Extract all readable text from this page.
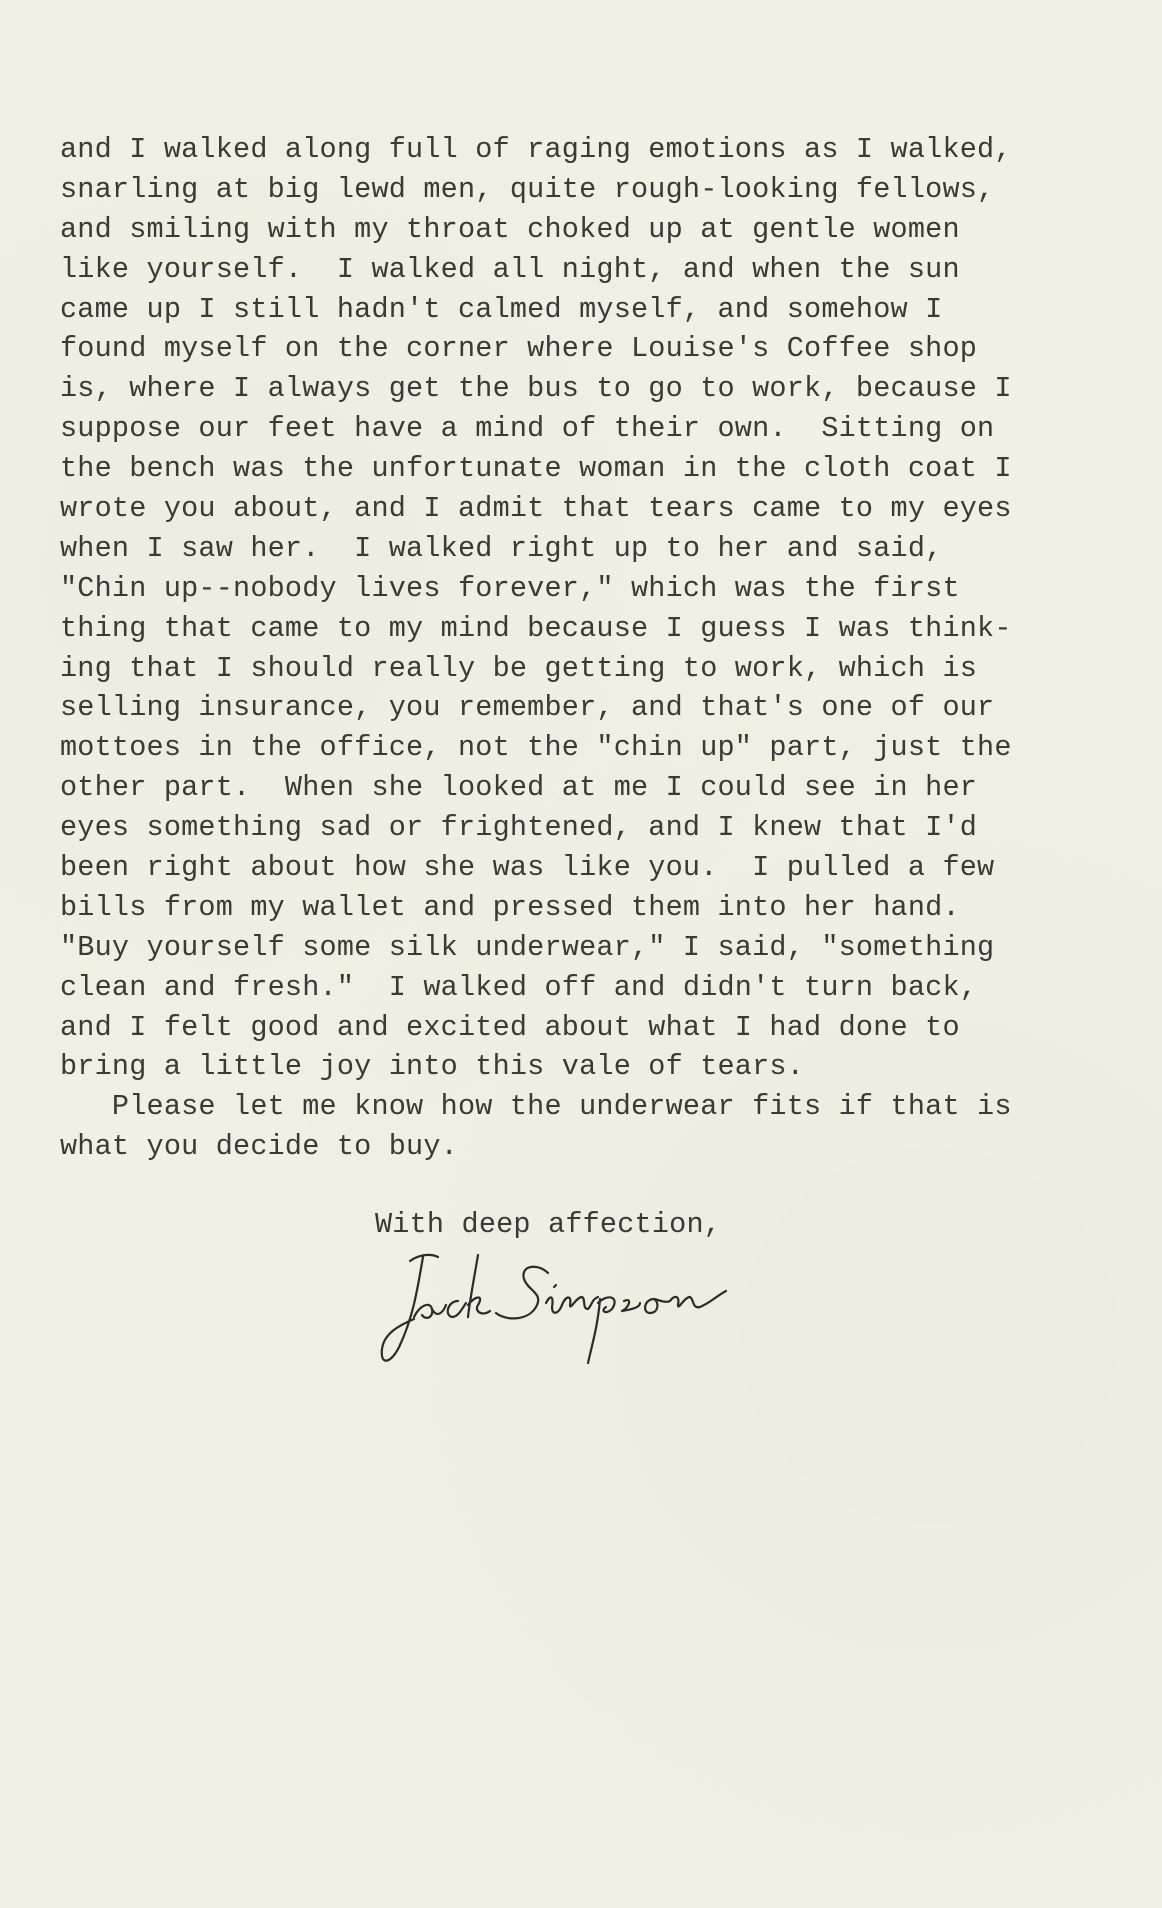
and I walked along full of raging emotions as I walked,
snarling at big lewd men, quite rough-looking fellows,
and smiling with my throat choked up at gentle women
like yourself.  I walked all night, and when the sun
came up I still hadn't calmed myself, and somehow I
found myself on the corner where Louise's Coffee shop
is, where I always get the bus to go to work, because I
suppose our feet have a mind of their own.  Sitting on
the bench was the unfortunate woman in the cloth coat I
wrote you about, and I admit that tears came to my eyes
when I saw her.  I walked right up to her and said,
"Chin up--nobody lives forever," which was the first
thing that came to my mind because I guess I was think-
ing that I should really be getting to work, which is
selling insurance, you remember, and that's one of our
mottoes in the office, not the "chin up" part, just the
other part.  When she looked at me I could see in her
eyes something sad or frightened, and I knew that I'd
been right about how she was like you.  I pulled a few
bills from my wallet and pressed them into her hand.
"Buy yourself some silk underwear," I said, "something
clean and fresh."  I walked off and didn't turn back,
and I felt good and excited about what I had done to
bring a little joy into this vale of tears.
Please let me know how the underwear fits if that is
what you decide to buy.
With deep affection,
